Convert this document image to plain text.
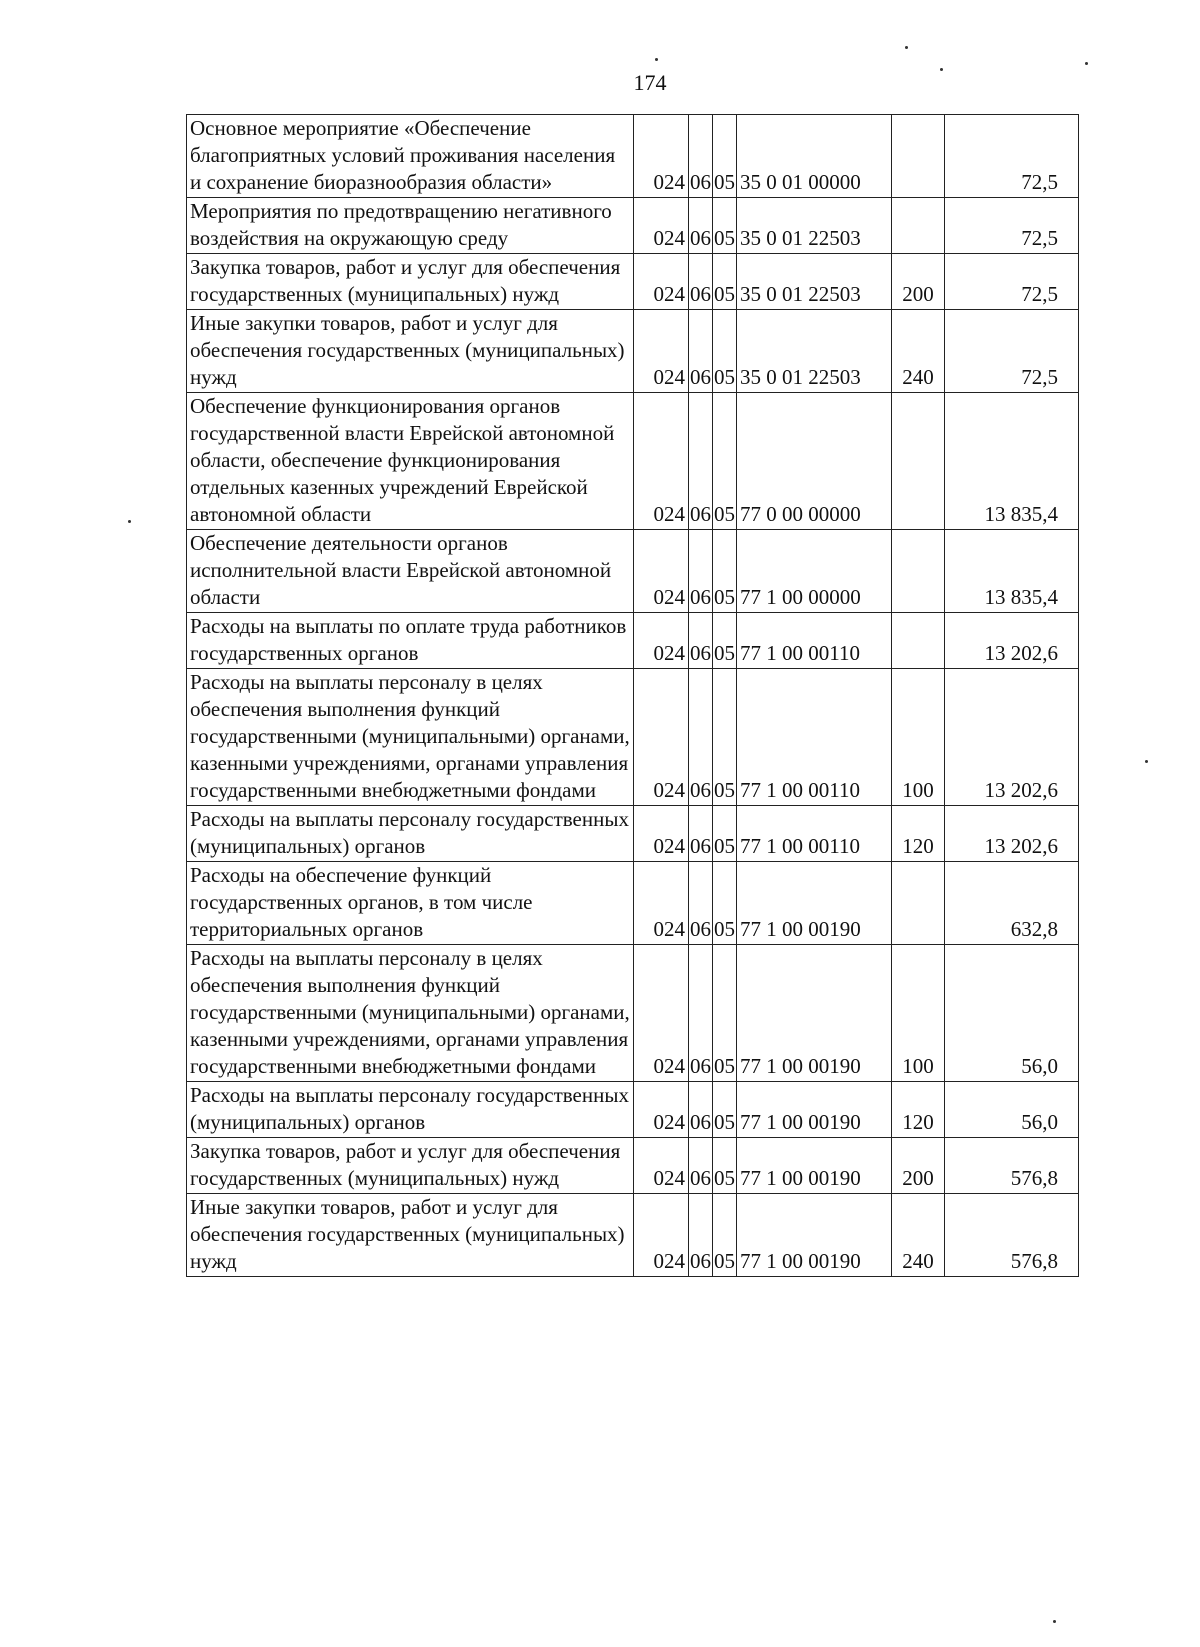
174
Основное мероприятие «Обеспечение благоприятных условий проживания населения и сохранение биоразнообразия области»	024	06	05	35 0 01 00000		72,5
Мероприятия по предотвращению негативного воздействия на окружающую среду	024	06	05	35 0 01 22503		72,5
Закупка товаров, работ и услуг для обеспечения государственных (муниципальных) нужд	024	06	05	35 0 01 22503	200	72,5
Иные закупки товаров, работ и услуг для обеспечения государственных (муниципальных) нужд	024	06	05	35 0 01 22503	240	72,5
Обеспечение функционирования органов государственной власти Еврейской автономной области, обеспечение функционирования отдельных казенных учреждений Еврейской автономной области	024	06	05	77 0 00 00000		13 835,4
Обеспечение деятельности органов исполнительной власти Еврейской автономной области	024	06	05	77 1 00 00000		13 835,4
Расходы на выплаты по оплате труда работников государственных органов	024	06	05	77 1 00 00110		13 202,6
Расходы на выплаты персоналу в целях обеспечения выполнения функций государственными (муниципальными) органами, казенными учреждениями, органами управления государственными внебюджетными фондами	024	06	05	77 1 00 00110	100	13 202,6
Расходы на выплаты персоналу государственных (муниципальных) органов	024	06	05	77 1 00 00110	120	13 202,6
Расходы на обеспечение функций государственных органов, в том числе территориальных органов	024	06	05	77 1 00 00190		632,8
Расходы на выплаты персоналу в целях обеспечения выполнения функций государственными (муниципальными) органами, казенными учреждениями, органами управления государственными внебюджетными фондами	024	06	05	77 1 00 00190	100	56,0
Расходы на выплаты персоналу государственных (муниципальных) органов	024	06	05	77 1 00 00190	120	56,0
Закупка товаров, работ и услуг для обеспечения государственных (муниципальных) нужд	024	06	05	77 1 00 00190	200	576,8
Иные закупки товаров, работ и услуг для обеспечения государственных (муниципальных) нужд	024	06	05	77 1 00 00190	240	576,8
